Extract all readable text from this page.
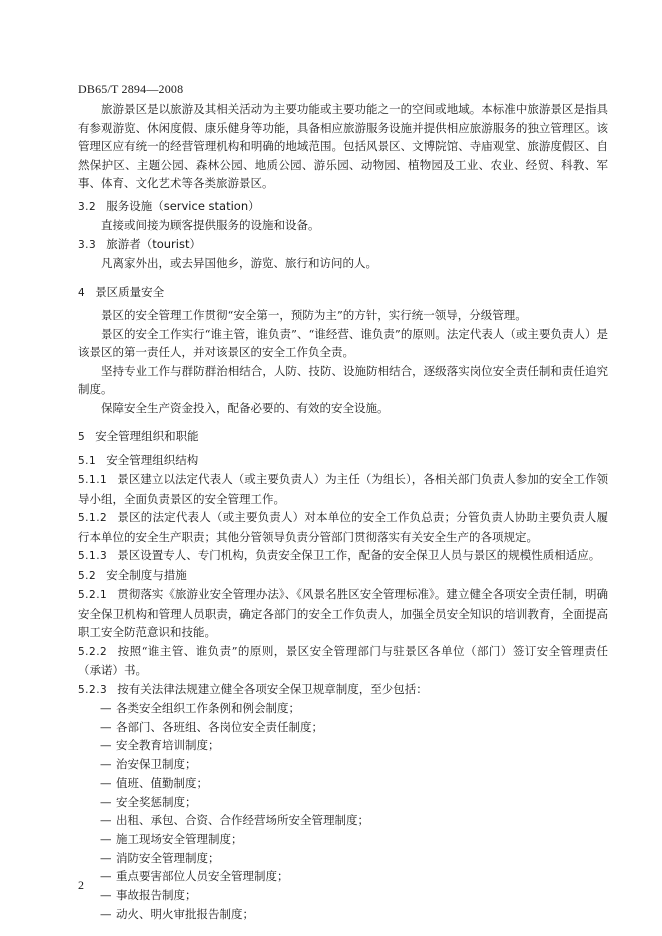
DB65/T 2894—2008

旅游景区是以旅游及其相关活动为主要功能或主要功能之一的空间或地域。本标准中旅游景区是指具有参观游览、休闲度假、康乐健身等功能，具备相应旅游服务设施并提供相应旅游服务的独立管理区。该管理区应有统一的经营管理机构和明确的地域范围。包括风景区、文博院馆、寺庙观堂、旅游度假区、自然保护区、主题公园、森林公园、地质公园、游乐园、动物园、植物园及工业、农业、经贸、科教、军事、体育、文化艺术等各类旅游景区。

3.2 服务设施（service station）

直接或间接为顾客提供服务的设施和设备。

3.3 旅游者（tourist）

凡离家外出，或去异国他乡，游览、旅行和访问的人。

4 景区质量安全

景区的安全管理工作贯彻“安全第一，预防为主”的方针，实行统一领导，分级管理。

景区的安全工作实行“谁主管，谁负责”、“谁经营、谁负责”的原则。法定代表人（或主要负责人）是该景区的第一责任人，并对该景区的安全工作负全责。

坚持专业工作与群防群治相结合，人防、技防、设施防相结合，逐级落实岗位安全责任制和责任追究制度。

保障安全生产资金投入，配备必要的、有效的安全设施。

5 安全管理组织和职能

5.1 安全管理组织结构

5.1.1 景区建立以法定代表人（或主要负责人）为主任（为组长），各相关部门负责人参加的安全工作领导小组，全面负责景区的安全管理工作。

5.1.2 景区的法定代表人（或主要负责人）对本单位的安全工作负总责；分管负责人协助主要负责人履行本单位的安全生产职责；其他分管领导负责分管部门贯彻落实有关安全生产的各项规定。

5.1.3 景区设置专人、专门机构，负责安全保卫工作，配备的安全保卫人员与景区的规模性质相适应。

5.2 安全制度与措施

5.2.1 贯彻落实《旅游业安全管理办法》、《风景名胜区安全管理标准》。建立健全各项安全责任制，明确安全保卫机构和管理人员职责，确定各部门的安全工作负责人，加强全员安全知识的培训教育，全面提高职工安全防范意识和技能。

5.2.2 按照“谁主管、谁负责”的原则，景区安全管理部门与驻景区各单位（部门）签订安全管理责任（承诺）书。

5.2.3 按有关法律法规建立健全各项安全保卫规章制度，至少包括：

— 各类安全组织工作条例和例会制度；
— 各部门、各班组、各岗位安全责任制度；
— 安全教育培训制度；
— 治安保卫制度；
— 值班、值勤制度；
— 安全奖惩制度；
— 出租、承包、合资、合作经营场所安全管理制度；
— 施工现场安全管理制度；
— 消防安全管理制度；
— 重点要害部位人员安全管理制度；
— 事故报告制度；
— 动火、明火审批报告制度；
2
